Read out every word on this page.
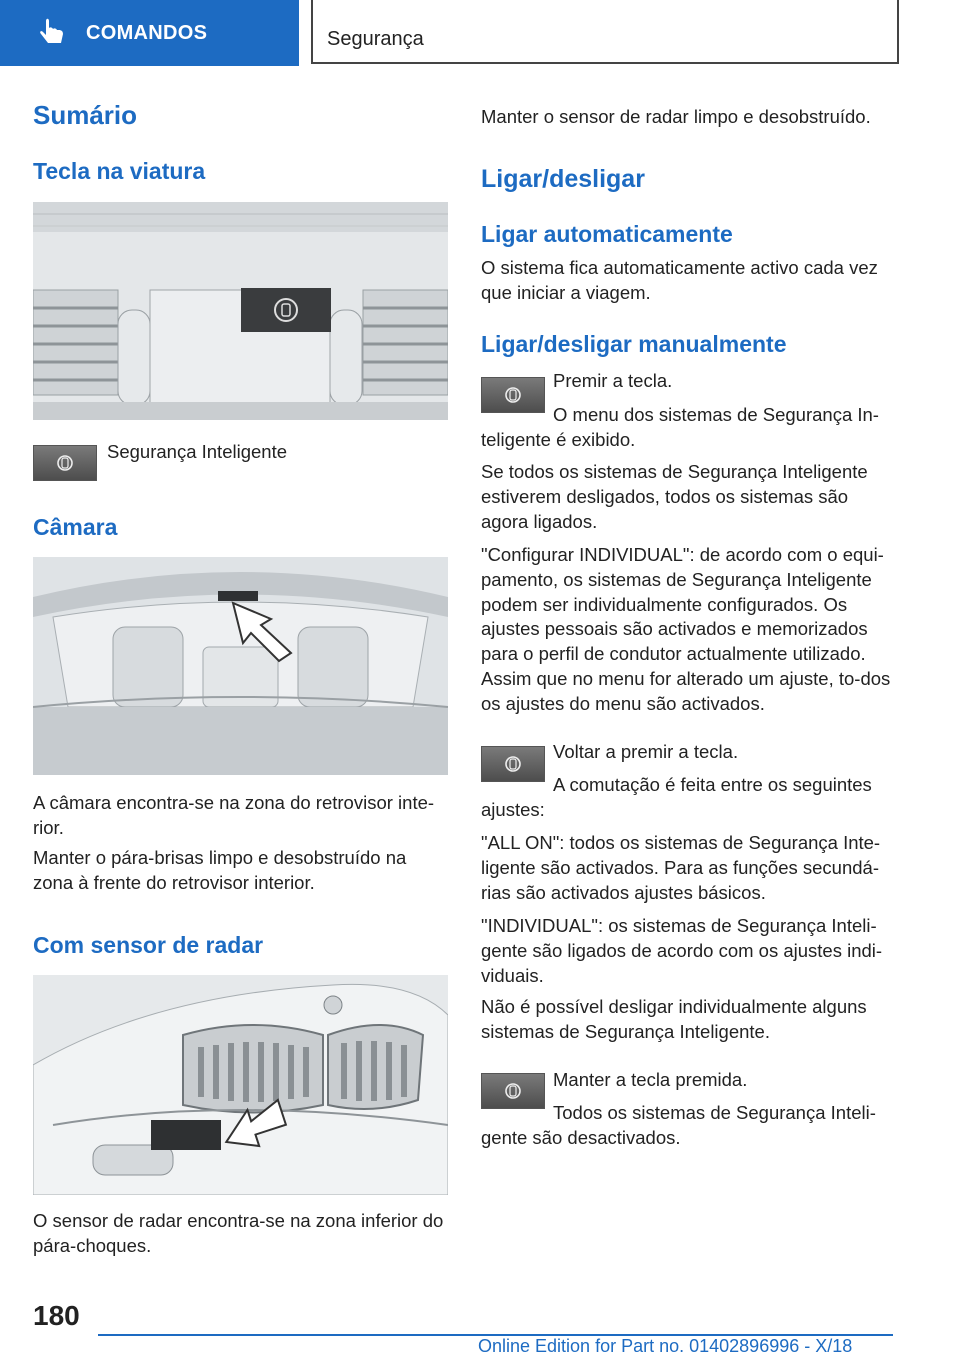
COMANDOS	Segurança
Sumário
Tecla na viatura

Segurança Inteligente

Câmara

A câmara encontra-se na zona do retrovisor inte-rior.

Manter o pára-brisas limpo e desobstruído na zona à frente do retrovisor interior.

Com sensor de radar

O sensor de radar encontra-se na zona inferior do pára-choques.

Manter o sensor de radar limpo e desobstruído.

Ligar/desligar
Ligar automaticamente

O sistema fica automaticamente activo cada vez que iniciar a viagem.

Ligar/desligar manualmente

Premir a tecla.

O menu dos sistemas de Segurança In-

teligente é exibido.

Se todos os sistemas de Segurança Inteligente estiverem desligados, todos os sistemas são agora ligados.

"Configurar INDIVIDUAL": de acordo com o equi-pamento, os sistemas de Segurança Inteligente podem ser individualmente configurados. Os ajustes pessoais são activados e memorizados para o perfil de condutor actualmente utilizado. Assim que no menu for alterado um ajuste, to-dos os ajustes do menu são activados.

Voltar a premir a tecla.

A comutação é feita entre os seguintes

ajustes:

"ALL ON": todos os sistemas de Segurança Inte-ligente são activados. Para as funções secundá-rias são activados ajustes básicos.

"INDIVIDUAL": os sistemas de Segurança Inteli-gente são ligados de acordo com os ajustes indi-viduais.

Não é possível desligar individualmente alguns sistemas de Segurança Inteligente.

Manter a tecla premida.

Todos os sistemas de Segurança Inteli-

gente são desactivados.

180
Online Edition for Part no. 01402896996 - X/18
